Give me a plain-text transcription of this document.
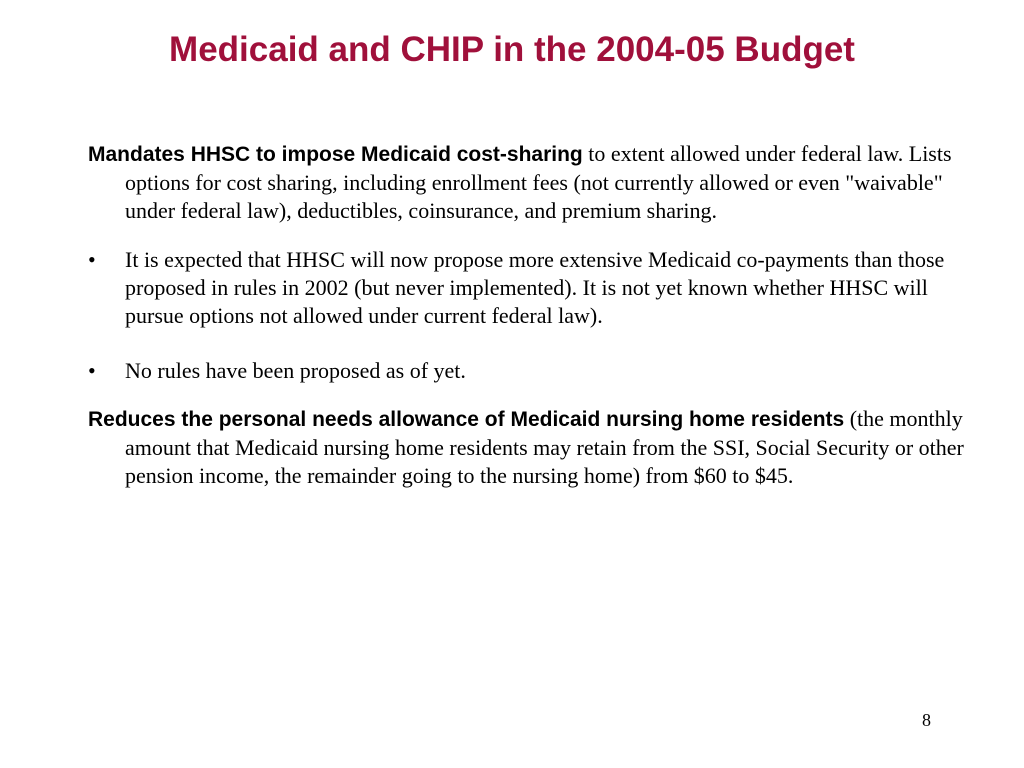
Medicaid and CHIP in the 2004-05 Budget

Mandates HHSC to impose Medicaid cost-sharing to extent allowed under federal law. Lists options for cost sharing, including enrollment fees (not currently allowed or even "waivable" under federal law), deductibles, coinsurance, and premium sharing.

• It is expected that HHSC will now propose more extensive Medicaid co-payments than those proposed in rules in 2002 (but never implemented). It is not yet known whether HHSC will pursue options not allowed under current federal law).

• No rules have been proposed as of yet.

Reduces the personal needs allowance of Medicaid nursing home residents (the monthly amount that Medicaid nursing home residents may retain from the SSI, Social Security or other pension income, the remainder going to the nursing home) from $60 to $45.

8
